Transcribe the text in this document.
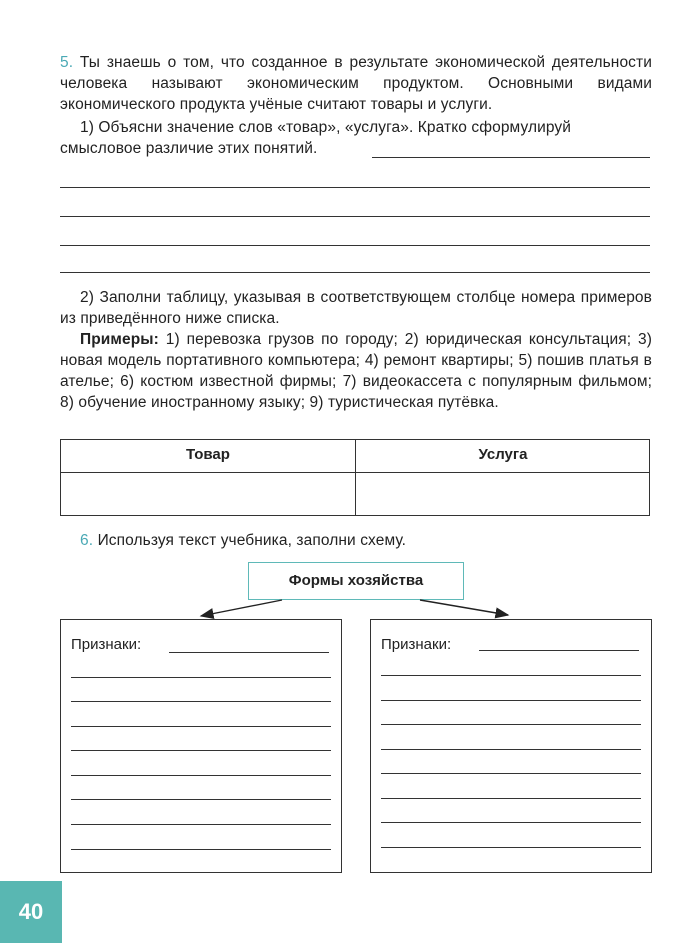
5. Ты знаешь о том, что созданное в результате экономической деятельности человека называют экономическим продуктом. Основными видами экономического продукта учёные считают товары и услуги.
1) Объясни значение слов «товар», «услуга». Кратко сформулируй смысловое различие этих понятий.
2) Заполни таблицу, указывая в соответствующем столбце номера примеров из приведённого ниже списка.
Примеры: 1) перевозка грузов по городу; 2) юридическая консультация; 3) новая модель портативного компьютера; 4) ремонт квартиры; 5) пошив платья в ателье; 6) костюм известной фирмы; 7) видеокассета с популярным фильмом; 8) обучение иностранному языку; 9) туристическая путёвка.
Товар	Услуга
6. Используя текст учебника, заполни схему.
Формы хозяйства
Признаки:	Признаки:
40
